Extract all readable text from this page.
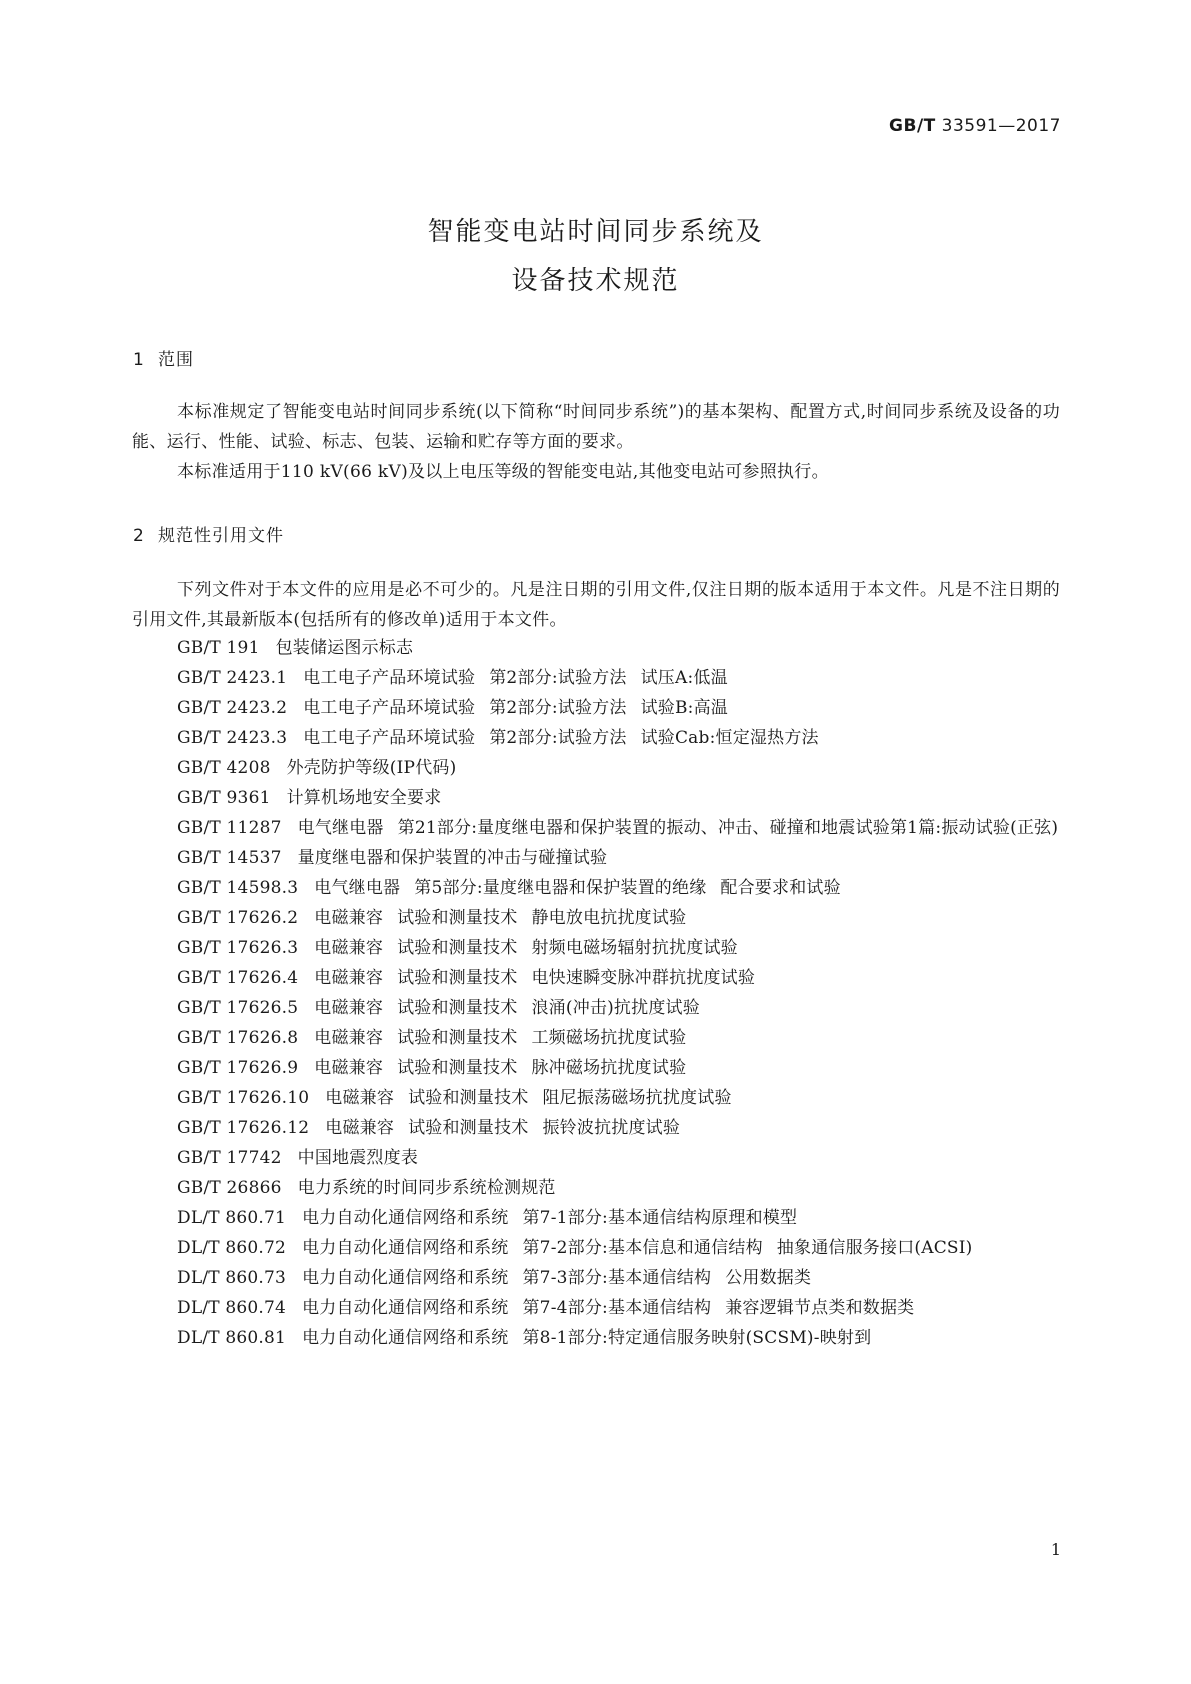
GB/T 33591—2017
智能变电站时间同步系统及
设备技术规范
1 范围
本标准规定了智能变电站时间同步系统(以下简称“时间同步系统”)的基本架构、配置方式,时间同步系统及设备的功能、运行、性能、试验、标志、包装、运输和贮存等方面的要求。
本标准适用于110 kV(66 kV)及以上电压等级的智能变电站,其他变电站可参照执行。
2 规范性引用文件
下列文件对于本文件的应用是必不可少的。凡是注日期的引用文件,仅注日期的版本适用于本文件。凡是不注日期的引用文件,其最新版本(包括所有的修改单)适用于本文件。
GB/T 191 包装储运图示标志
GB/T 2423.1 电工电子产品环境试验 第2部分:试验方法 试压A:低温
GB/T 2423.2 电工电子产品环境试验 第2部分:试验方法 试验B:高温
GB/T 2423.3 电工电子产品环境试验 第2部分:试验方法 试验Cab:恒定湿热方法
GB/T 4208 外壳防护等级(IP代码)
GB/T 9361 计算机场地安全要求
GB/T 11287 电气继电器 第21部分:量度继电器和保护装置的振动、冲击、碰撞和地震试验第1篇:振动试验(正弦)
GB/T 14537 量度继电器和保护装置的冲击与碰撞试验
GB/T 14598.3 电气继电器 第5部分:量度继电器和保护装置的绝缘 配合要求和试验
GB/T 17626.2 电磁兼容 试验和测量技术 静电放电抗扰度试验
GB/T 17626.3 电磁兼容 试验和测量技术 射频电磁场辐射抗扰度试验
GB/T 17626.4 电磁兼容 试验和测量技术 电快速瞬变脉冲群抗扰度试验
GB/T 17626.5 电磁兼容 试验和测量技术 浪涌(冲击)抗扰度试验
GB/T 17626.8 电磁兼容 试验和测量技术 工频磁场抗扰度试验
GB/T 17626.9 电磁兼容 试验和测量技术 脉冲磁场抗扰度试验
GB/T 17626.10 电磁兼容 试验和测量技术 阻尼振荡磁场抗扰度试验
GB/T 17626.12 电磁兼容 试验和测量技术 振铃波抗扰度试验
GB/T 17742 中国地震烈度表
GB/T 26866 电力系统的时间同步系统检测规范
DL/T 860.71 电力自动化通信网络和系统 第7-1部分:基本通信结构原理和模型
DL/T 860.72 电力自动化通信网络和系统 第7-2部分:基本信息和通信结构 抽象通信服务接口(ACSI)
DL/T 860.73 电力自动化通信网络和系统 第7-3部分:基本通信结构 公用数据类
DL/T 860.74 电力自动化通信网络和系统 第7-4部分:基本通信结构 兼容逻辑节点类和数据类
DL/T 860.81 电力自动化通信网络和系统 第8-1部分:特定通信服务映射(SCSM)-映射到
1
